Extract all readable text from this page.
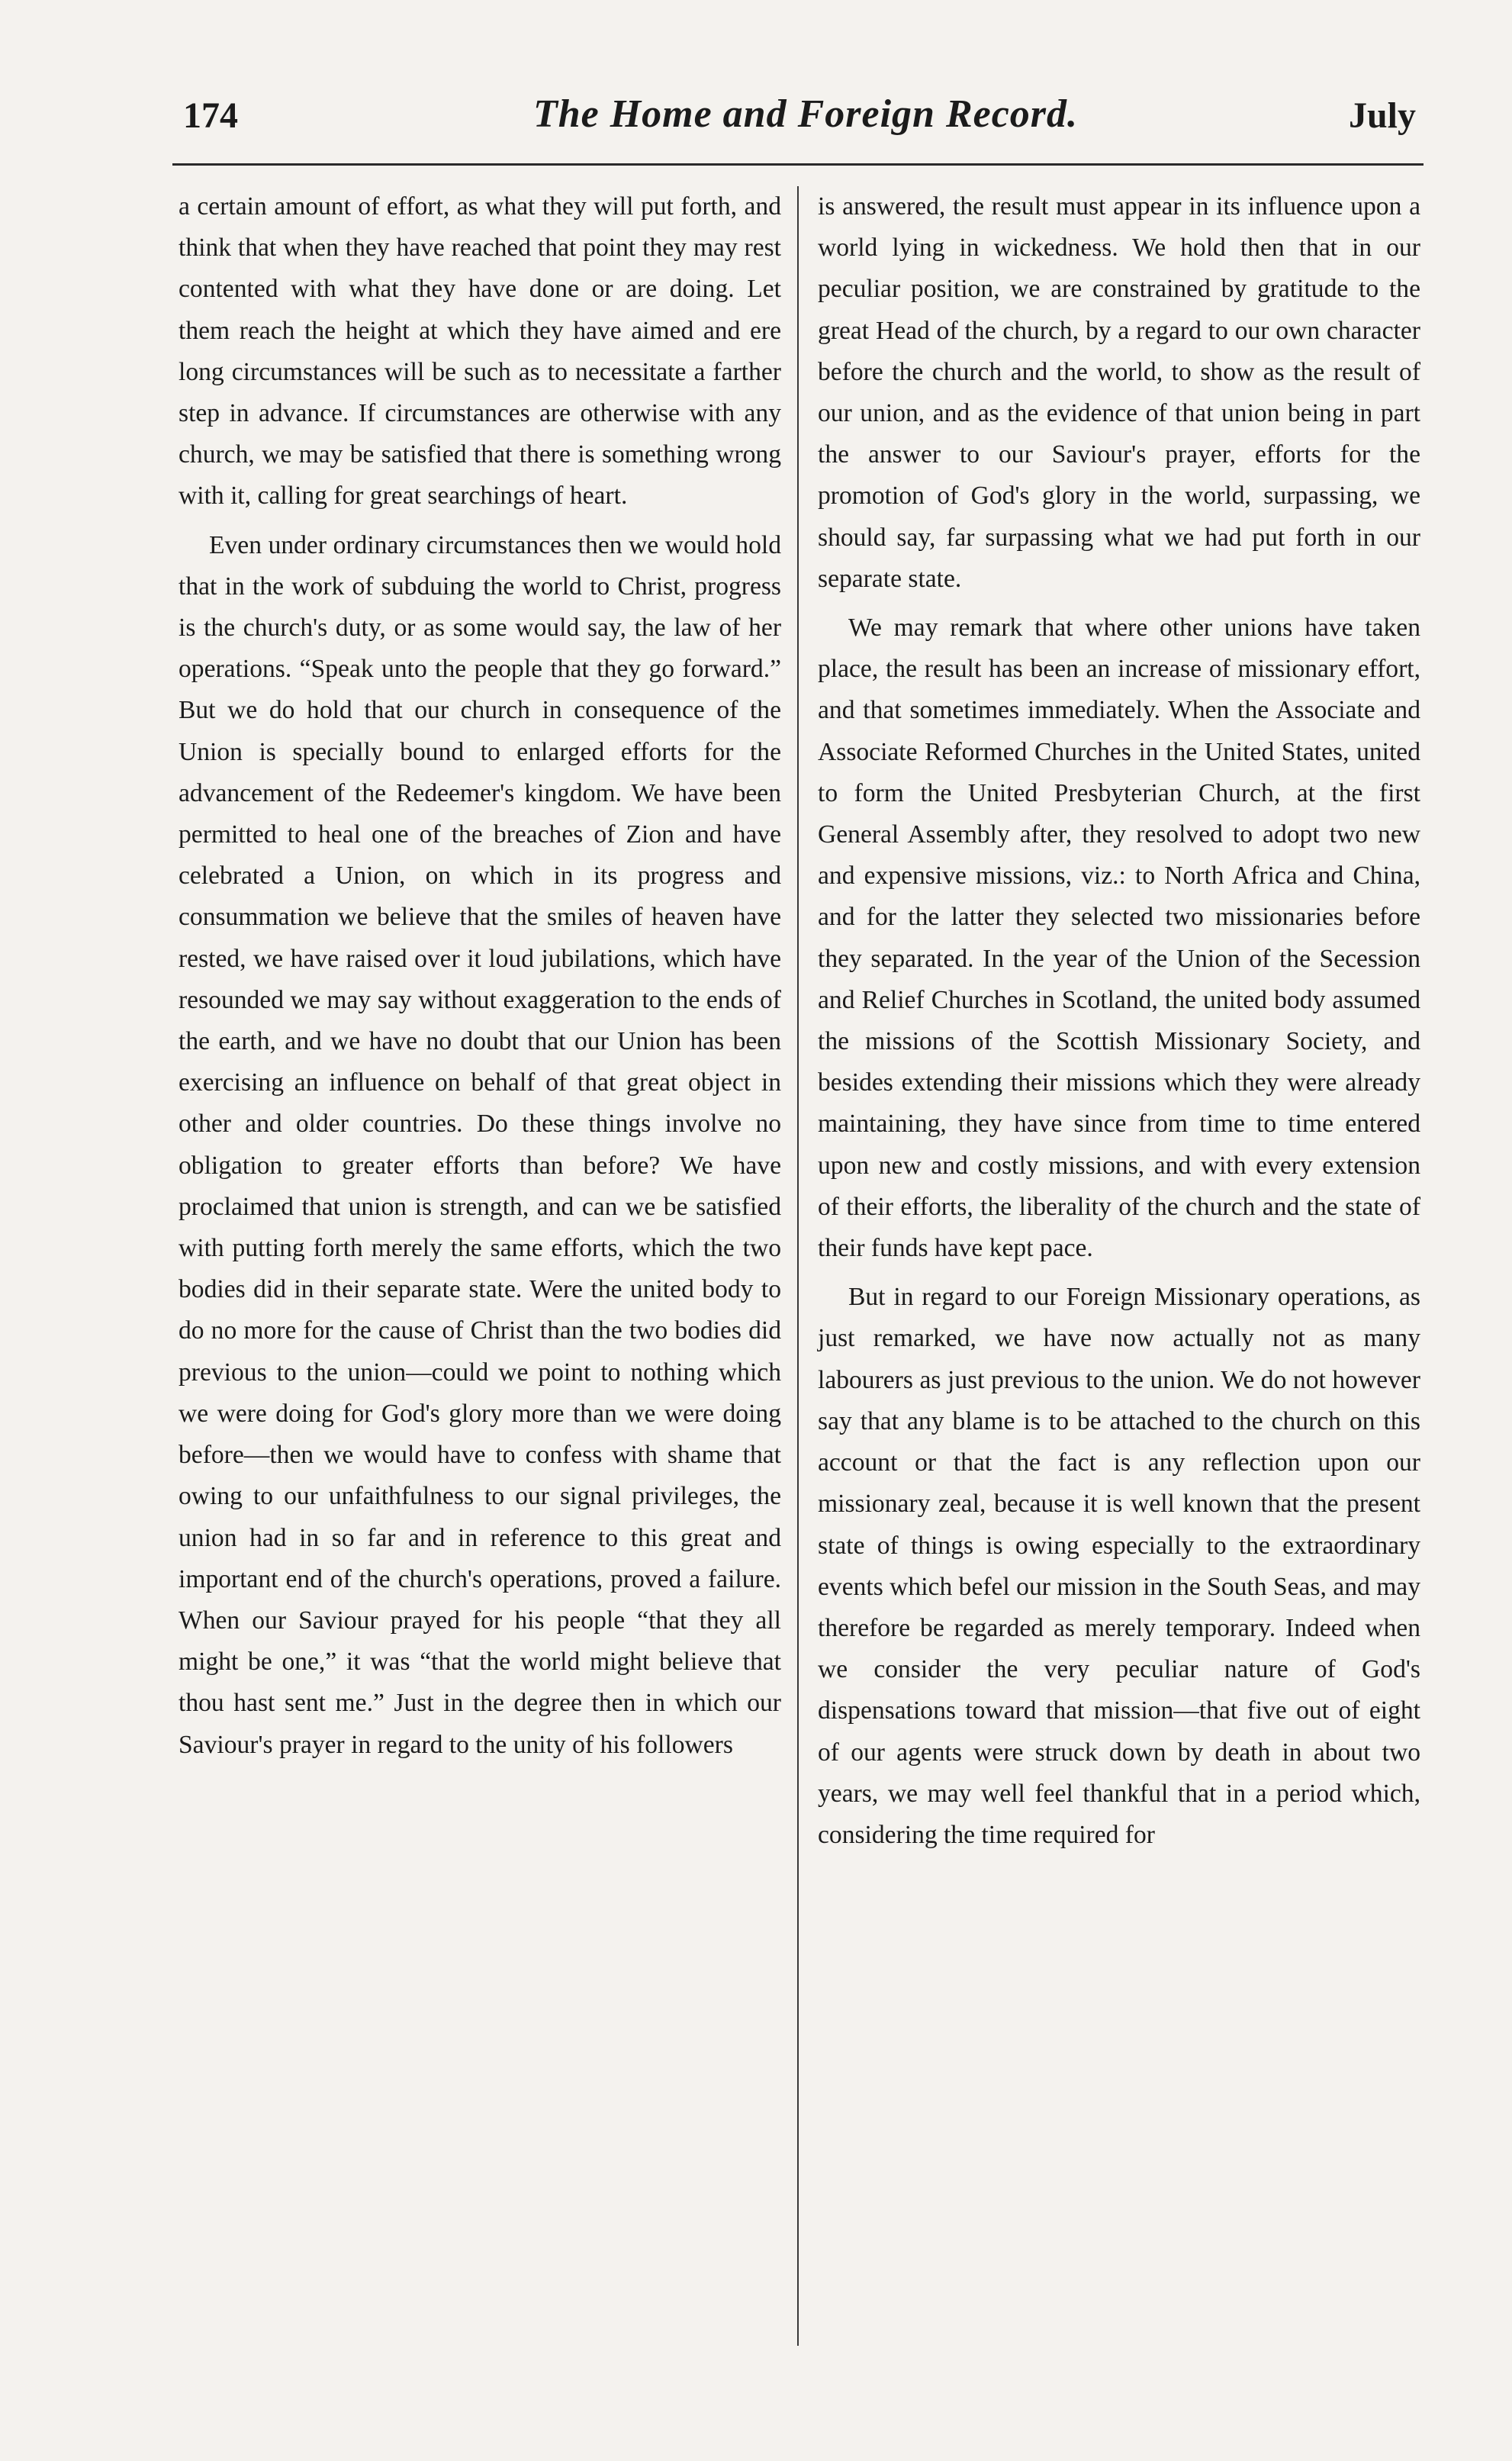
174	The Home and Foreign Record.	July

a certain amount of effort, as what they will put forth, and think that when they have reached that point they may rest contented with what they have done or are doing. Let them reach the height at which they have aimed and ere long circumstances will be such as to necessitate a farther step in advance. If circumstances are otherwise with any church, we may be satisfied that there is something wrong with it, calling for great searchings of heart.

Even under ordinary circumstances then we would hold that in the work of subduing the world to Christ, progress is the church's duty, or as some would say, the law of her operations. “Speak unto the people that they go forward.” But we do hold that our church in consequence of the Union is specially bound to enlarged efforts for the advancement of the Redeemer's kingdom. We have been permitted to heal one of the breaches of Zion and have celebrated a Union, on which in its progress and consummation we believe that the smiles of heaven have rested, we have raised over it loud jubilations, which have resounded we may say without exaggeration to the ends of the earth, and we have no doubt that our Union has been exercising an influence on behalf of that great object in other and older countries. Do these things involve no obligation to greater efforts than before? We have proclaimed that union is strength, and can we be satisfied with putting forth merely the same efforts, which the two bodies did in their separate state. Were the united body to do no more for the cause of Christ than the two bodies did previous to the union—could we point to nothing which we were doing for God's glory more than we were doing before—then we would have to confess with shame that owing to our unfaithfulness to our signal privileges, the union had in so far and in reference to this great and important end of the church's operations, proved a failure. When our Saviour prayed for his people “that they all might be one,” it was “that the world might believe that thou hast sent me.” Just in the degree then in which our Saviour's prayer in regard to the unity of his followers

is answered, the result must appear in its influence upon a world lying in wickedness. We hold then that in our peculiar position, we are constrained by gratitude to the great Head of the church, by a regard to our own character before the church and the world, to show as the result of our union, and as the evidence of that union being in part the answer to our Saviour's prayer, efforts for the promotion of God's glory in the world, surpassing, we should say, far surpassing what we had put forth in our separate state.

We may remark that where other unions have taken place, the result has been an increase of missionary effort, and that sometimes immediately. When the Associate and Associate Reformed Churches in the United States, united to form the United Presbyterian Church, at the first General Assembly after, they resolved to adopt two new and expensive missions, viz.: to North Africa and China, and for the latter they selected two missionaries before they separated. In the year of the Union of the Secession and Relief Churches in Scotland, the united body assumed the missions of the Scottish Missionary Society, and besides extending their missions which they were already maintaining, they have since from time to time entered upon new and costly missions, and with every extension of their efforts, the liberality of the church and the state of their funds have kept pace.

But in regard to our Foreign Missionary operations, as just remarked, we have now actually not as many labourers as just previous to the union. We do not however say that any blame is to be attached to the church on this account or that the fact is any reflection upon our missionary zeal, because it is well known that the present state of things is owing especially to the extraordinary events which befel our mission in the South Seas, and may therefore be regarded as merely temporary. Indeed when we consider the very peculiar nature of God's dispensations toward that mission—that five out of eight of our agents were struck down by death in about two years, we may well feel thankful that in a period which, considering the time required for
